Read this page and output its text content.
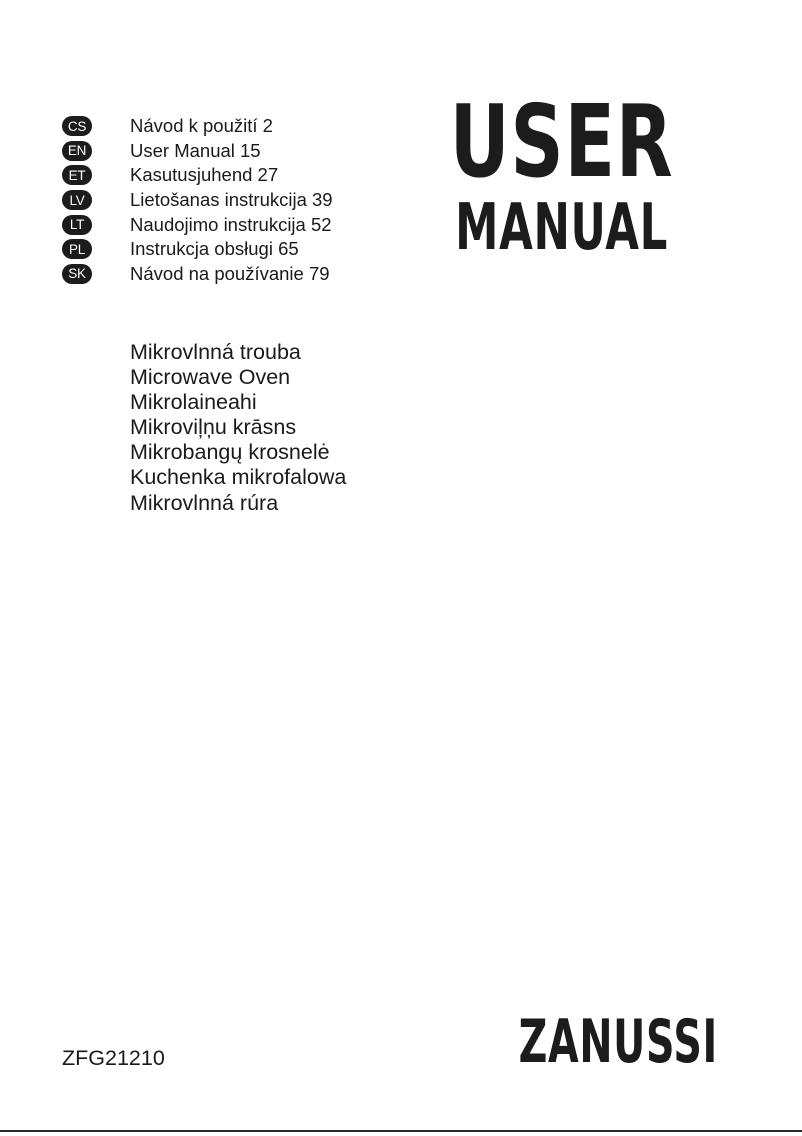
USER
MANUAL
CS	Návod k použití 2
EN	User Manual 15
ET	Kasutusjuhend 27
LV	Lietošanas instrukcija 39
LT	Naudojimo instrukcija 52
PL	Instrukcja obsługi 65
SK	Návod na používanie 79
Mikrovlnná trouba
Microwave Oven
Mikrolaineahi
Mikroviļņu krāsns
Mikrobangų krosnelė
Kuchenka mikrofalowa
Mikrovlnná rúra
ZFG21210	ZANUSSI
